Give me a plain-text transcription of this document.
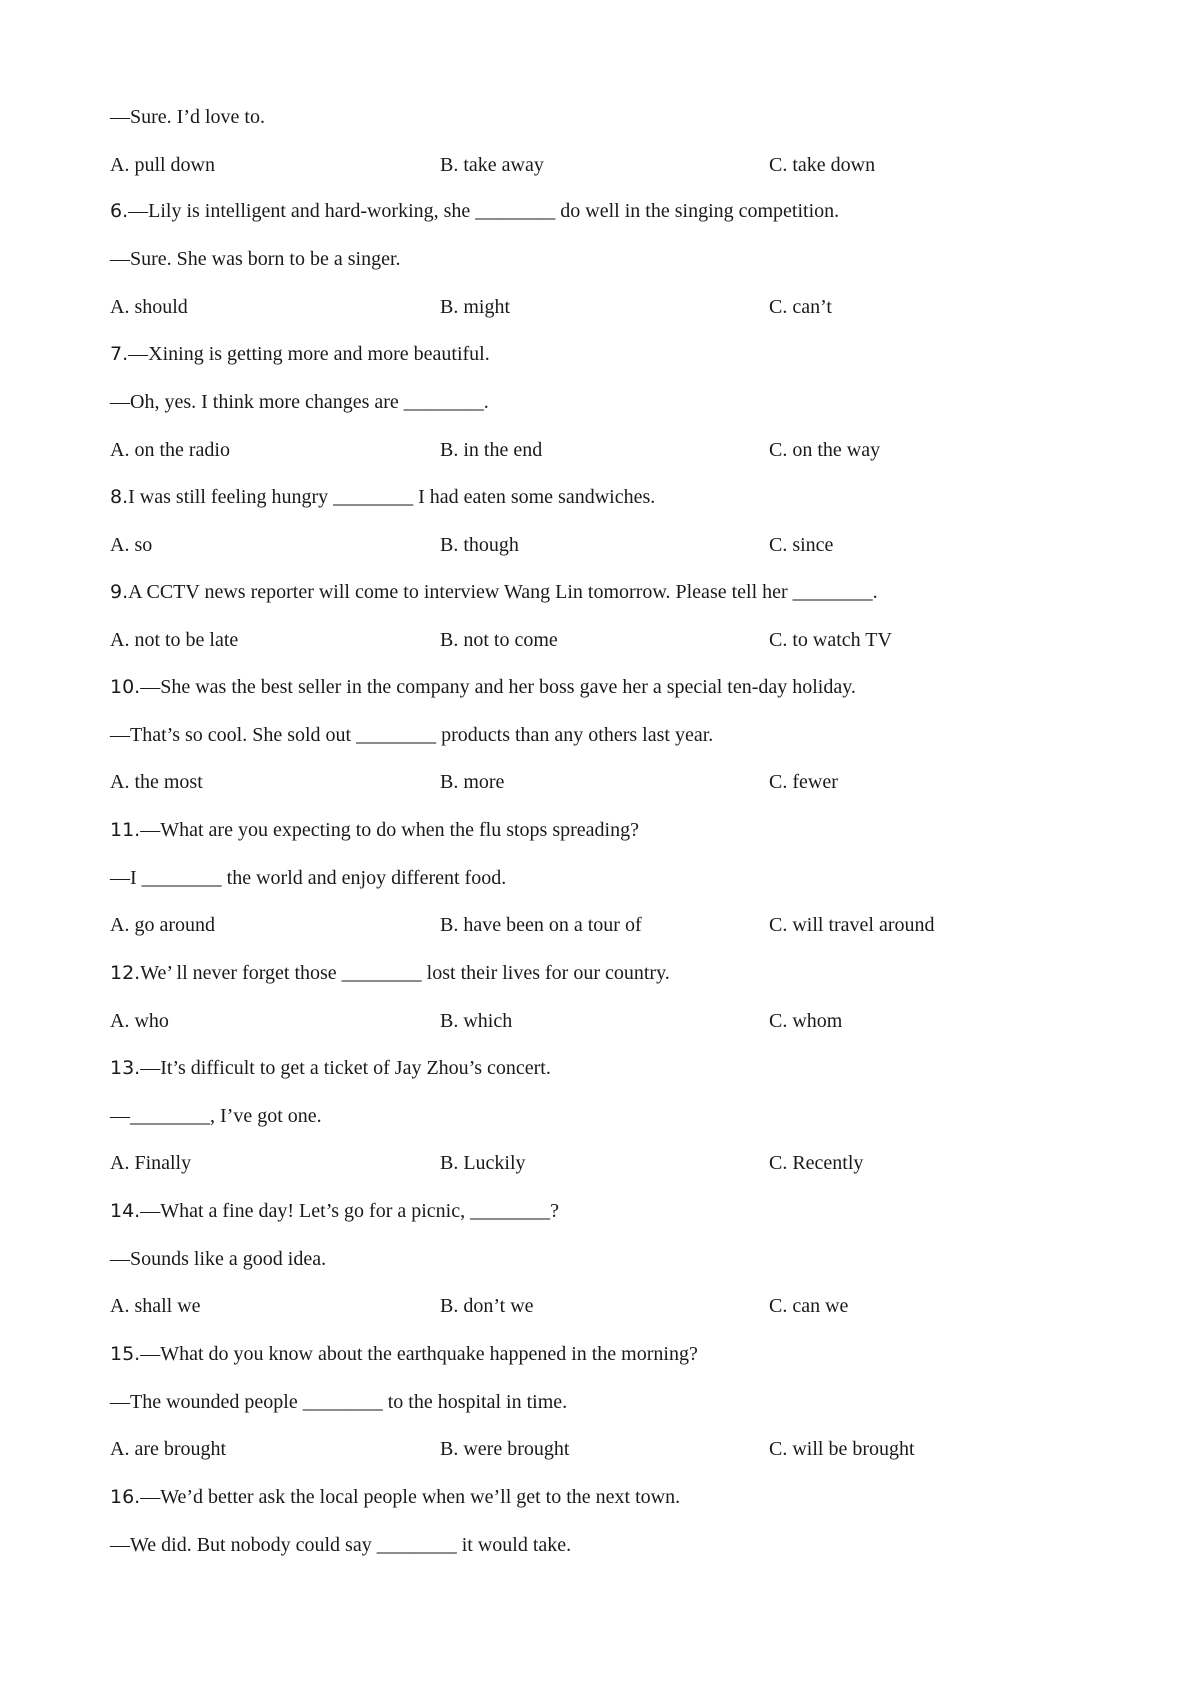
—Sure. I’d love to.
A. pull down	B. take away	C. take down
6.—Lily is intelligent and hard-working, she ________ do well in the singing competition.
—Sure. She was born to be a singer.
A. should	B. might	C. can’t
7.—Xining is getting more and more beautiful.
—Oh, yes. I think more changes are ________.
A. on the radio	B. in the end	C. on the way
8.I was still feeling hungry ________ I had eaten some sandwiches.
A. so	B. though	C. since
9.A CCTV news reporter will come to interview Wang Lin tomorrow. Please tell her ________.
A. not to be late	B. not to come	C. to watch TV
10.—She was the best seller in the company and her boss gave her a special ten-day holiday.
—That’s so cool. She sold out ________ products than any others last year.
A. the most	B. more	C. fewer
11.—What are you expecting to do when the flu stops spreading?
—I ________ the world and enjoy different food.
A. go around	B. have been on a tour of	C. will travel around
12.We’ ll never forget those ________ lost their lives for our country.
A. who	B. which	C. whom
13.—It’s difficult to get a ticket of Jay Zhou’s concert.
—________, I’ve got one.
A. Finally	B. Luckily	C. Recently
14.—What a fine day! Let’s go for a picnic, ________?
—Sounds like a good idea.
A. shall we	B. don’t we	C. can we
15.—What do you know about the earthquake happened in the morning?
—The wounded people ________ to the hospital in time.
A. are brought	B. were brought	C. will be brought
16.—We’d better ask the local people when we’ll get to the next town.
—We did. But nobody could say ________ it would take.
